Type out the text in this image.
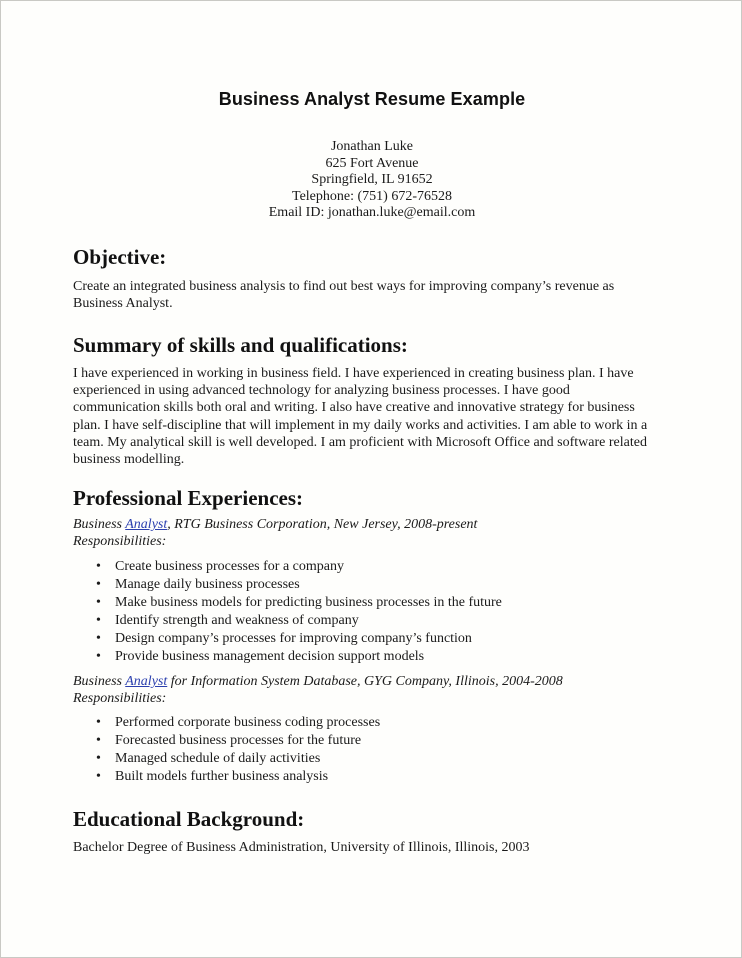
Business Analyst Resume Example
Jonathan Luke
625 Fort Avenue
Springfield, IL 91652
Telephone: (751) 672-76528
Email ID: jonathan.luke@email.com
Objective:
Create an integrated business analysis to find out best ways for improving company’s revenue as
Business Analyst.
Summary of skills and qualifications:
I have experienced in working in business field. I have experienced in creating business plan. I have
experienced in using advanced technology for analyzing business processes. I have good
communication skills both oral and writing. I also have creative and innovative strategy for business
plan. I have self-discipline that will implement in my daily works and activities. I am able to work in a
team. My analytical skill is well developed. I am proficient with Microsoft Office and software related
business modelling.
Professional Experiences:
Business Analyst, RTG Business Corporation, New Jersey, 2008-present
Responsibilities:
• Create business processes for a company
• Manage daily business processes
• Make business models for predicting business processes in the future
• Identify strength and weakness of company
• Design company’s processes for improving company’s function
• Provide business management decision support models
Business Analyst for Information System Database, GYG Company, Illinois, 2004-2008
Responsibilities:
• Performed corporate business coding processes
• Forecasted business processes for the future
• Managed schedule of daily activities
• Built models further business analysis
Educational Background:
Bachelor Degree of Business Administration, University of Illinois, Illinois, 2003
